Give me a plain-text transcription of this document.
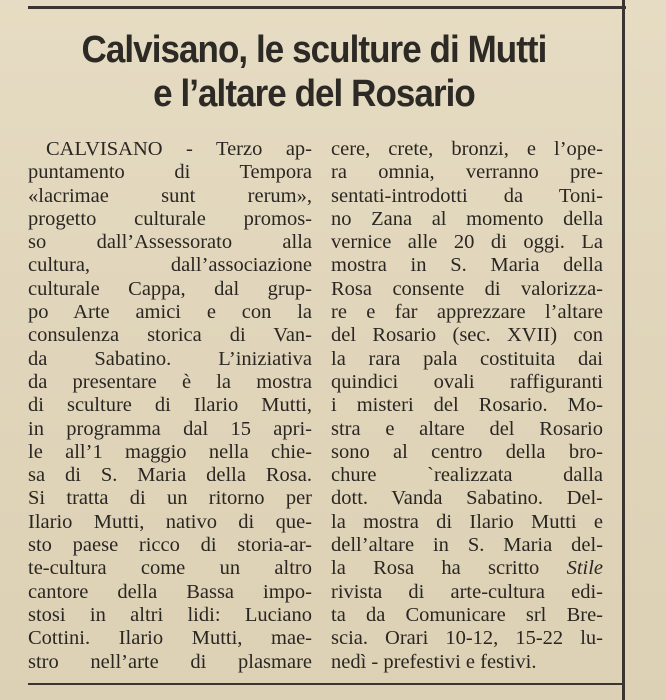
Calvisano, le sculture di Mutti
e l’altare del Rosario
CALVISANO - Terzo ap-
puntamento di Tempora
«lacrimae sunt rerum»,
progetto culturale promos-
so dall’Assessorato alla
cultura, dall’associazione
culturale Cappa, dal grup-
po Arte amici e con la
consulenza storica di Van-
da Sabatino. L’iniziativa
da presentare è la mostra
di sculture di Ilario Mutti,
in programma dal 15 apri-
le all’1 maggio nella chie-
sa di S. Maria della Rosa.
Si tratta di un ritorno per
Ilario Mutti, nativo di que-
sto paese ricco di storia-ar-
te-cultura come un altro
cantore della Bassa impo-
stosi in altri lidi: Luciano
Cottini. Ilario Mutti, mae-
stro nell’arte di plasmare
cere, crete, bronzi, e l’ope-
ra omnia, verranno pre-
sentati-introdotti da Toni-
no Zana al momento della
vernice alle 20 di oggi. La
mostra in S. Maria della
Rosa consente di valorizza-
re e far apprezzare l’altare
del Rosario (sec. XVII) con
la rara pala costituita dai
quindici ovali raffiguranti
i misteri del Rosario. Mo-
stra e altare del Rosario
sono al centro della bro-
chure `realizzata dalla
dott. Vanda Sabatino. Del-
la mostra di Ilario Mutti e
dell’altare in S. Maria del-
la Rosa ha scritto Stile
rivista di arte-cultura edi-
ta da Comunicare srl Bre-
scia. Orari 10-12, 15-22 lu-
nedì - prefestivi e festivi.
